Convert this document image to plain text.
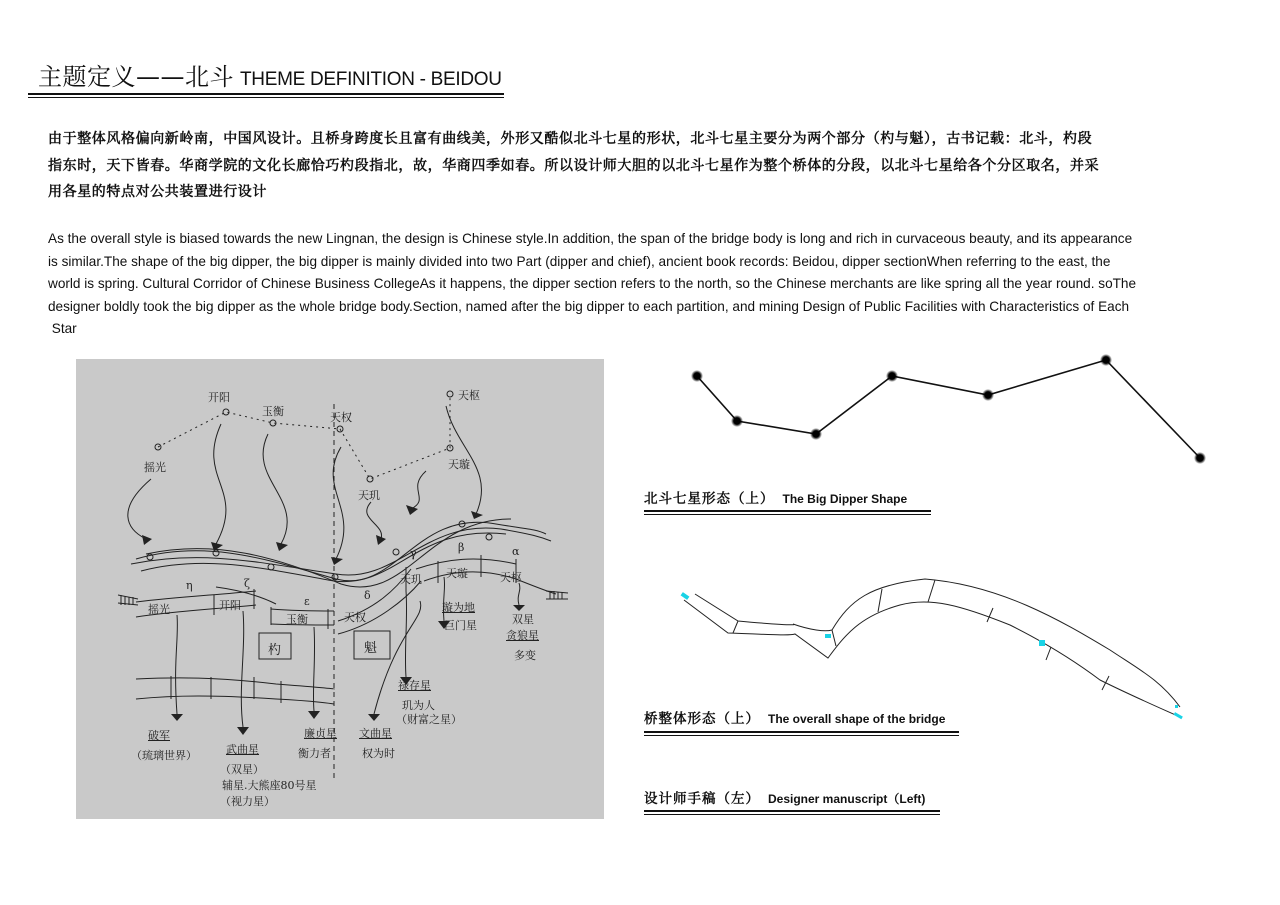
主题定义——北斗 THEME DEFINITION - BEIDOU
由于整体风格偏向新岭南，中国风设计。且桥身跨度长且富有曲线美，外形又酷似北斗七星的形状，北斗七星主要分为两个部分（杓与魁），古书记载：北斗，杓段
指东时，天下皆春。华商学院的文化长廊恰巧杓段指北，故，华商四季如春。所以设计师大胆的以北斗七星作为整个桥体的分段，以北斗七星给各个分区取名，并采
用各星的特点对公共装置进行设计
As the overall style is biased towards the new Lingnan, the design is Chinese style.In addition, the span of the bridge body is long and rich in curvaceous beauty, and its appearance
is similar.The shape of the big dipper, the big dipper is mainly divided into two Part (dipper and chief), ancient book records: Beidou, dipper sectionWhen referring to the east, the
world is spring. Cultural Corridor of Chinese Business CollegeAs it happens, the dipper section refers to the north, so the Chinese merchants are like spring all the year round. soThe
designer boldly took the big dipper as the whole bridge body.Section, named after the big dipper to each partition, and mining Design of Public Facilities with Characteristics of Each
Star
摇光
开阳
玉衡	天权
天玑
天璇
天枢
η	ζ
ε	δ
γ	β	α
摇光	开阳
玉衡	天权
天玑 天璇	天枢
杓	魁
破军
（琉璃世界）	武曲星
（双星）
辅星.大熊座80号星
（视力星）
廉贞星
衡力者
文曲星
权为时
禄存星
玑为人
（财富之星）
璇为地
巨门星	双星
贪狼星
多变
北斗七星形态（上） The Big Dipper Shape
桥整体形态（上） The overall shape of the bridge
设计师手稿（左） Designer manuscript（Left)
